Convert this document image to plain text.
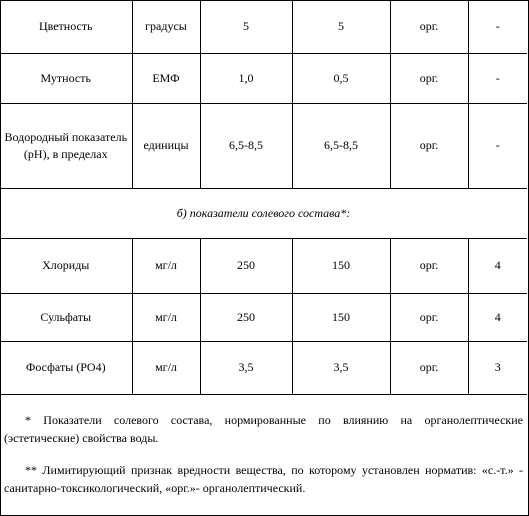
Цветность	градусы	5	5	орг.	-
Мутность	ЕМФ	1,0	0,5	орг.	-
Водородный показатель (рН), в пределах	единицы	6,5-8,5	6,5-8,5	орг.	-
б) показатели солевого состава*:					
Хлориды	мг/л	250	150	орг.	4
Сульфаты	мг/л	250	150	орг.	4
Фосфаты (PO4)	мг/л	3,5	3,5	орг.	3

* Показатели солевого состава, нормированные по влиянию на органолептические (эстетические) свойства воды.

** Лимитирующий признак вредности вещества, по которому установлен норматив: «с.-т.» - санитарно-токсикологический, «орг.»- органолептический.
